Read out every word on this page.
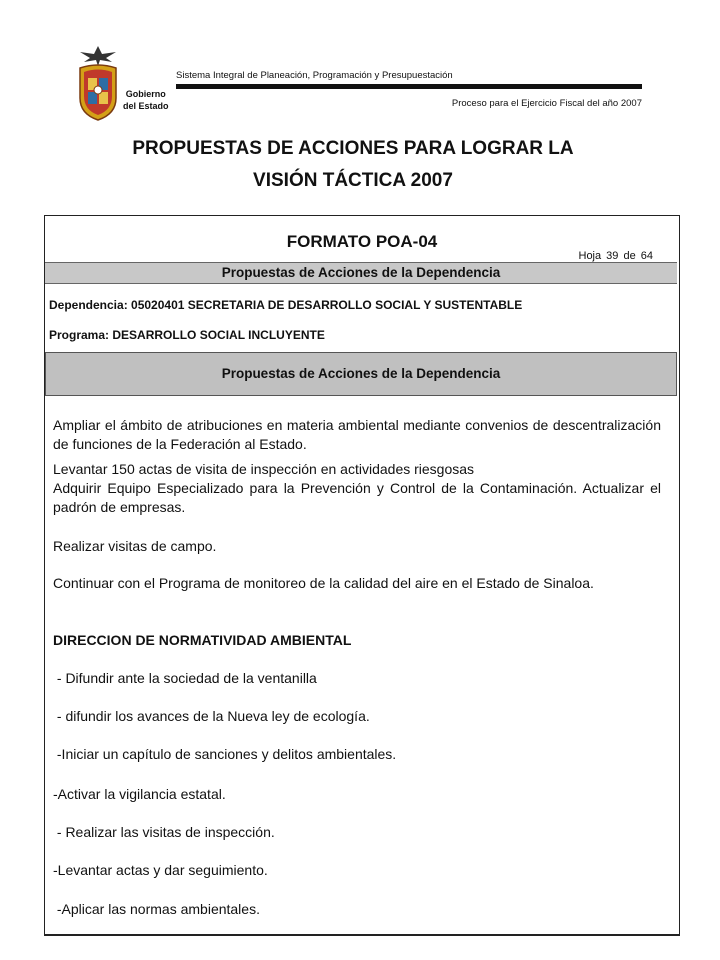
Gobierno
del Estado
Sistema Integral de Planeación, Programación y Presupuestación
Proceso para el Ejercicio Fiscal del año 2007
PROPUESTAS DE ACCIONES PARA LOGRAR LA
VISIÓN TÁCTICA 2007
FORMATO POA-04
Hoja 39 de 64
Propuestas de Acciones de la Dependencia
Dependencia: 05020401 SECRETARIA DE DESARROLLO SOCIAL Y SUSTENTABLE
Programa: DESARROLLO SOCIAL INCLUYENTE
Propuestas de Acciones de la Dependencia
Ampliar el ámbito de atribuciones en materia ambiental mediante convenios de descentralización de funciones de la Federación al Estado.
Levantar 150 actas de visita de inspección en actividades riesgosas
Adquirir Equipo Especializado para la Prevención y Control de la Contaminación. Actualizar el padrón de empresas.
Realizar visitas de campo.
Continuar con el Programa de monitoreo de la calidad del aire en el Estado de Sinaloa.
DIRECCION DE NORMATIVIDAD AMBIENTAL
- Difundir ante la sociedad de la ventanilla
- difundir los avances de la Nueva ley de ecología.
-Iniciar un capítulo de sanciones y delitos ambientales.
-Activar la vigilancia estatal.
- Realizar las visitas de inspección.
-Levantar actas y dar seguimiento.
-Aplicar las normas ambientales.
